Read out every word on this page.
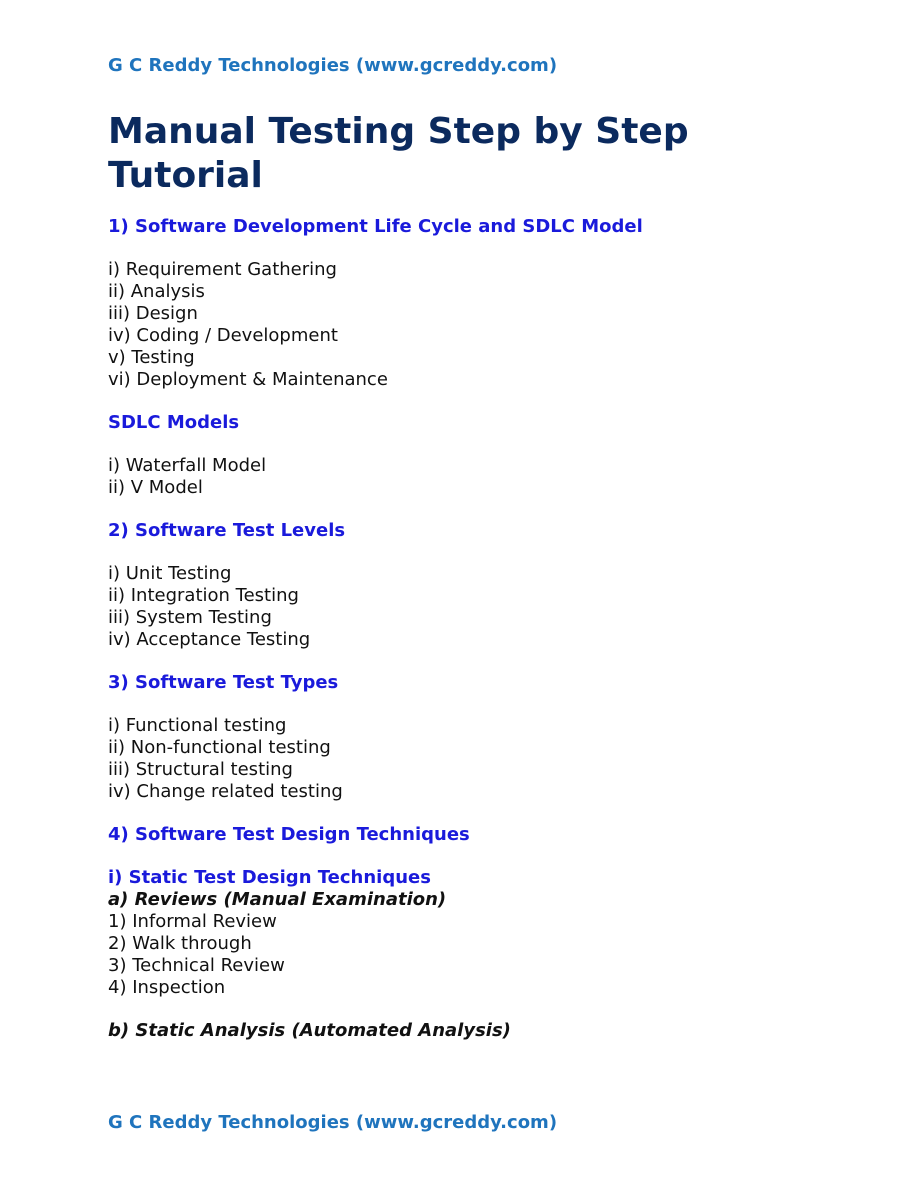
G C Reddy Technologies (www.gcreddy.com)
Manual Testing Step by Step Tutorial
1) Software Development Life Cycle and SDLC Model
i) Requirement Gathering
ii) Analysis
iii) Design
iv) Coding / Development
v) Testing
vi) Deployment & Maintenance
SDLC Models
i) Waterfall Model
ii) V Model
2) Software Test Levels
i) Unit Testing
ii) Integration Testing
iii) System Testing
iv) Acceptance Testing
3) Software Test Types
i) Functional testing
ii) Non-functional testing
iii) Structural testing
iv) Change related testing
4) Software Test Design Techniques
i) Static Test Design Techniques
a) Reviews (Manual Examination)
1) Informal Review
2) Walk through
3) Technical Review
4) Inspection
b) Static Analysis (Automated Analysis)
G C Reddy Technologies (www.gcreddy.com)
